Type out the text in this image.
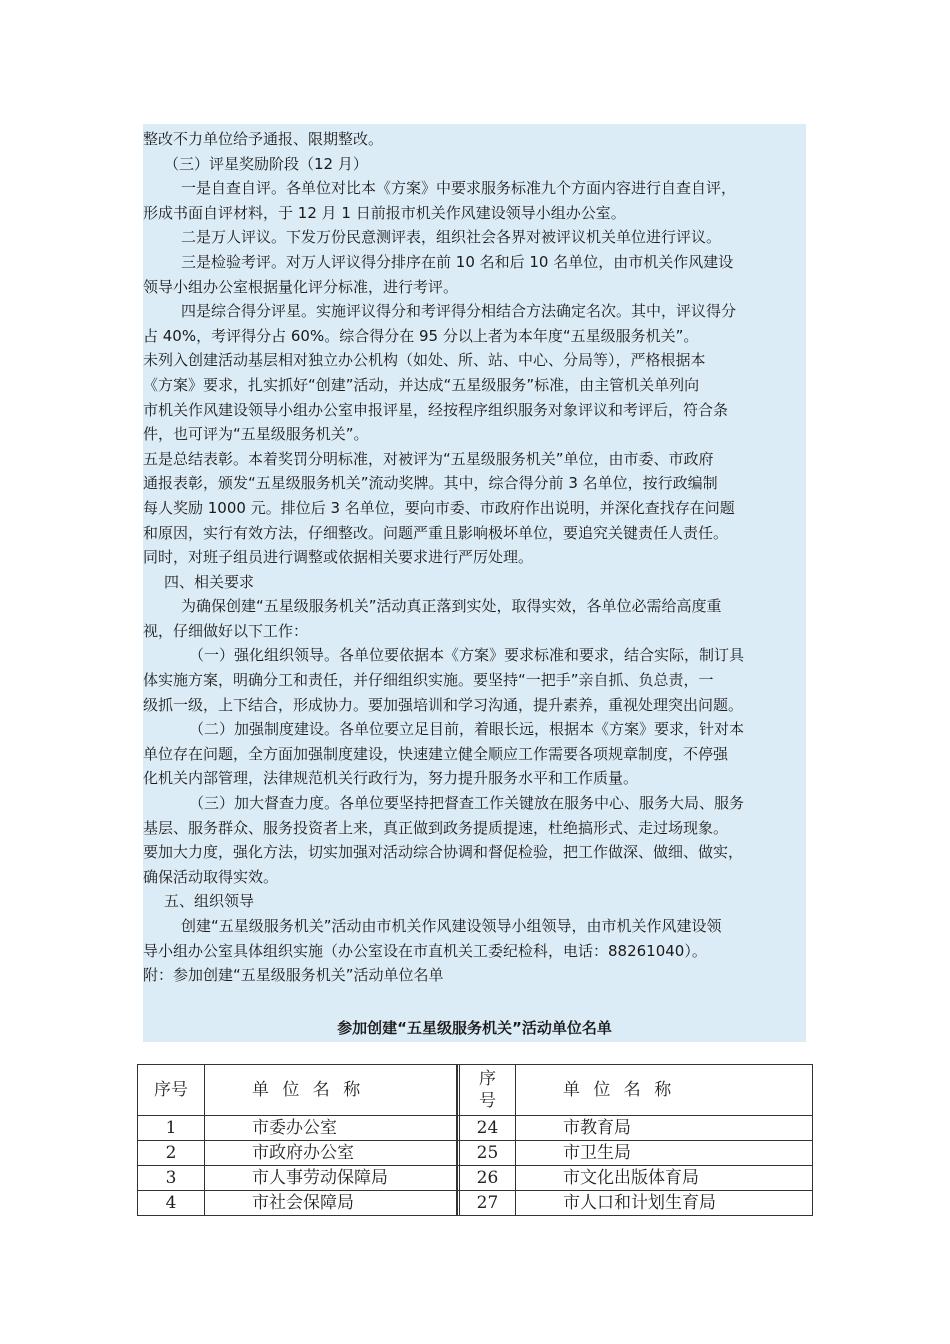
整改不力单位给予通报、限期整改。
（三）评星奖励阶段（12 月）
一是自查自评。各单位对比本《方案》中要求服务标准九个方面内容进行自查自评，
形成书面自评材料，于 12 月 1 日前报市机关作风建设领导小组办公室。
二是万人评议。下发万份民意测评表，组织社会各界对被评议机关单位进行评议。
三是检验考评。对万人评议得分排序在前 10 名和后 10 名单位，由市机关作风建设
领导小组办公室根据量化评分标准，进行考评。
四是综合得分评星。实施评议得分和考评得分相结合方法确定名次。其中，评议得分
占 40%，考评得分占 60%。综合得分在 95 分以上者为本年度“五星级服务机关”。
未列入创建活动基层相对独立办公机构（如处、所、站、中心、分局等），严格根据本
《方案》要求，扎实抓好“创建”活动，并达成“五星级服务”标准，由主管机关单列向
市机关作风建设领导小组办公室申报评星，经按程序组织服务对象评议和考评后，符合条
件，也可评为“五星级服务机关”。
五是总结表彰。本着奖罚分明标准，对被评为“五星级服务机关”单位，由市委、市政府
通报表彰，颁发“五星级服务机关”流动奖牌。其中，综合得分前 3 名单位，按行政编制
每人奖励 1000 元。排位后 3 名单位，要向市委、市政府作出说明，并深化查找存在问题
和原因，实行有效方法，仔细整改。问题严重且影响极坏单位，要追究关键责任人责任。
同时，对班子组员进行调整或依据相关要求进行严厉处理。
四、相关要求
为确保创建“五星级服务机关”活动真正落到实处，取得实效，各单位必需给高度重
视，仔细做好以下工作：
（一）强化组织领导。各单位要依据本《方案》要求标准和要求，结合实际，制订具
体实施方案，明确分工和责任，并仔细组织实施。要坚持“一把手”亲自抓、负总责，一
级抓一级，上下结合，形成协力。要加强培训和学习沟通，提升素养，重视处理突出问题。
（二）加强制度建设。各单位要立足目前，着眼长远，根据本《方案》要求，针对本
单位存在问题，全方面加强制度建设，快速建立健全顺应工作需要各项规章制度，不停强
化机关内部管理，法律规范机关行政行为，努力提升服务水平和工作质量。
（三）加大督查力度。各单位要坚持把督查工作关键放在服务中心、服务大局、服务
基层、服务群众、服务投资者上来，真正做到政务提质提速，杜绝搞形式、走过场现象。
要加大力度，强化方法，切实加强对活动综合协调和督促检验，把工作做深、做细、做实，
确保活动取得实效。
五、组织领导
创建“五星级服务机关”活动由市机关作风建设领导小组领导，由市机关作风建设领
导小组办公室具体组织实施（办公室设在市直机关工委纪检科，电话：88261040）。
附：参加创建“五星级服务机关”活动单位名单
参加创建“五星级服务机关”活动单位名单
序号	单 位 名 称		序
号	单 位 名 称
1	市委办公室		24	市教育局
2	市政府办公室		25	市卫生局
3	市人事劳动保障局		26	市文化出版体育局
4	市社会保障局		27	市人口和计划生育局
